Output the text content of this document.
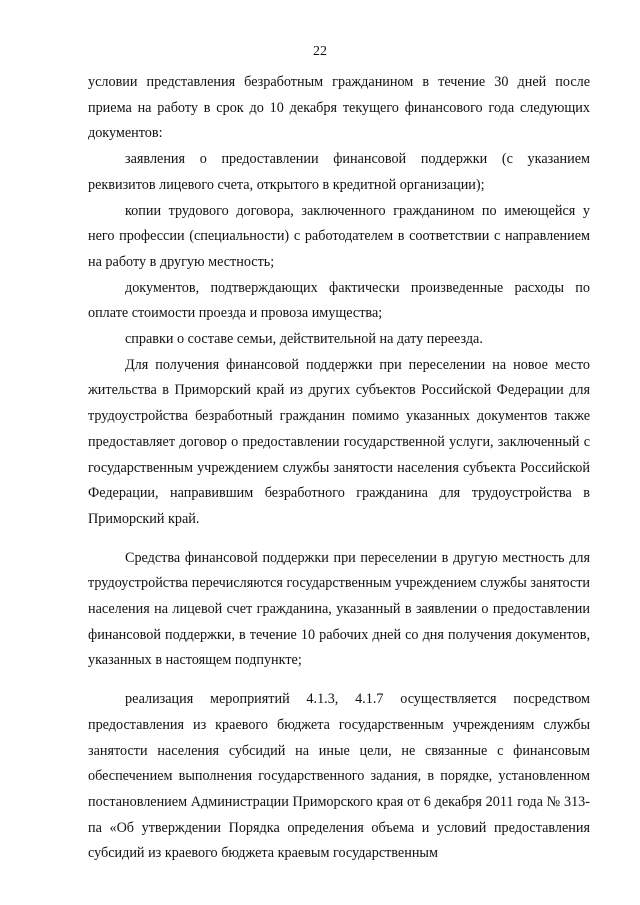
22

условии представления безработным гражданином в течение 30 дней после приема на работу в срок до 10 декабря текущего финансового года следующих документов:

заявления о предоставлении финансовой поддержки (с указанием реквизитов лицевого счета, открытого в кредитной организации);

копии трудового договора, заключенного гражданином по имеющейся у него профессии (специальности) с работодателем в соответствии с направлением на работу в другую местность;

документов, подтверждающих фактически произведенные расходы по оплате стоимости проезда и провоза имущества;

справки о составе семьи, действительной на дату переезда.

Для получения финансовой поддержки при переселении на новое место жительства в Приморский край из других субъектов Российской Федерации для трудоустройства безработный гражданин помимо указанных документов также предоставляет договор о предоставлении государственной услуги, заключенный с государственным учреждением службы занятости населения субъекта Российской Федерации, направившим безработного гражданина для трудоустройства в Приморский край.

Средства финансовой поддержки при переселении в другую местность для трудоустройства перечисляются государственным учреждением службы занятости населения на лицевой счет гражданина, указанный в заявлении о предоставлении финансовой поддержки, в течение 10 рабочих дней со дня получения документов, указанных в настоящем подпункте;

реализация мероприятий 4.1.3, 4.1.7 осуществляется посредством предоставления из краевого бюджета государственным учреждениям службы занятости населения субсидий на иные цели, не связанные с финансовым обеспечением выполнения государственного задания, в порядке, установленном постановлением Администрации Приморского края от 6 декабря 2011 года № 313-па «Об утверждении Порядка определения объема и условий предоставления субсидий из краевого бюджета краевым государственным
